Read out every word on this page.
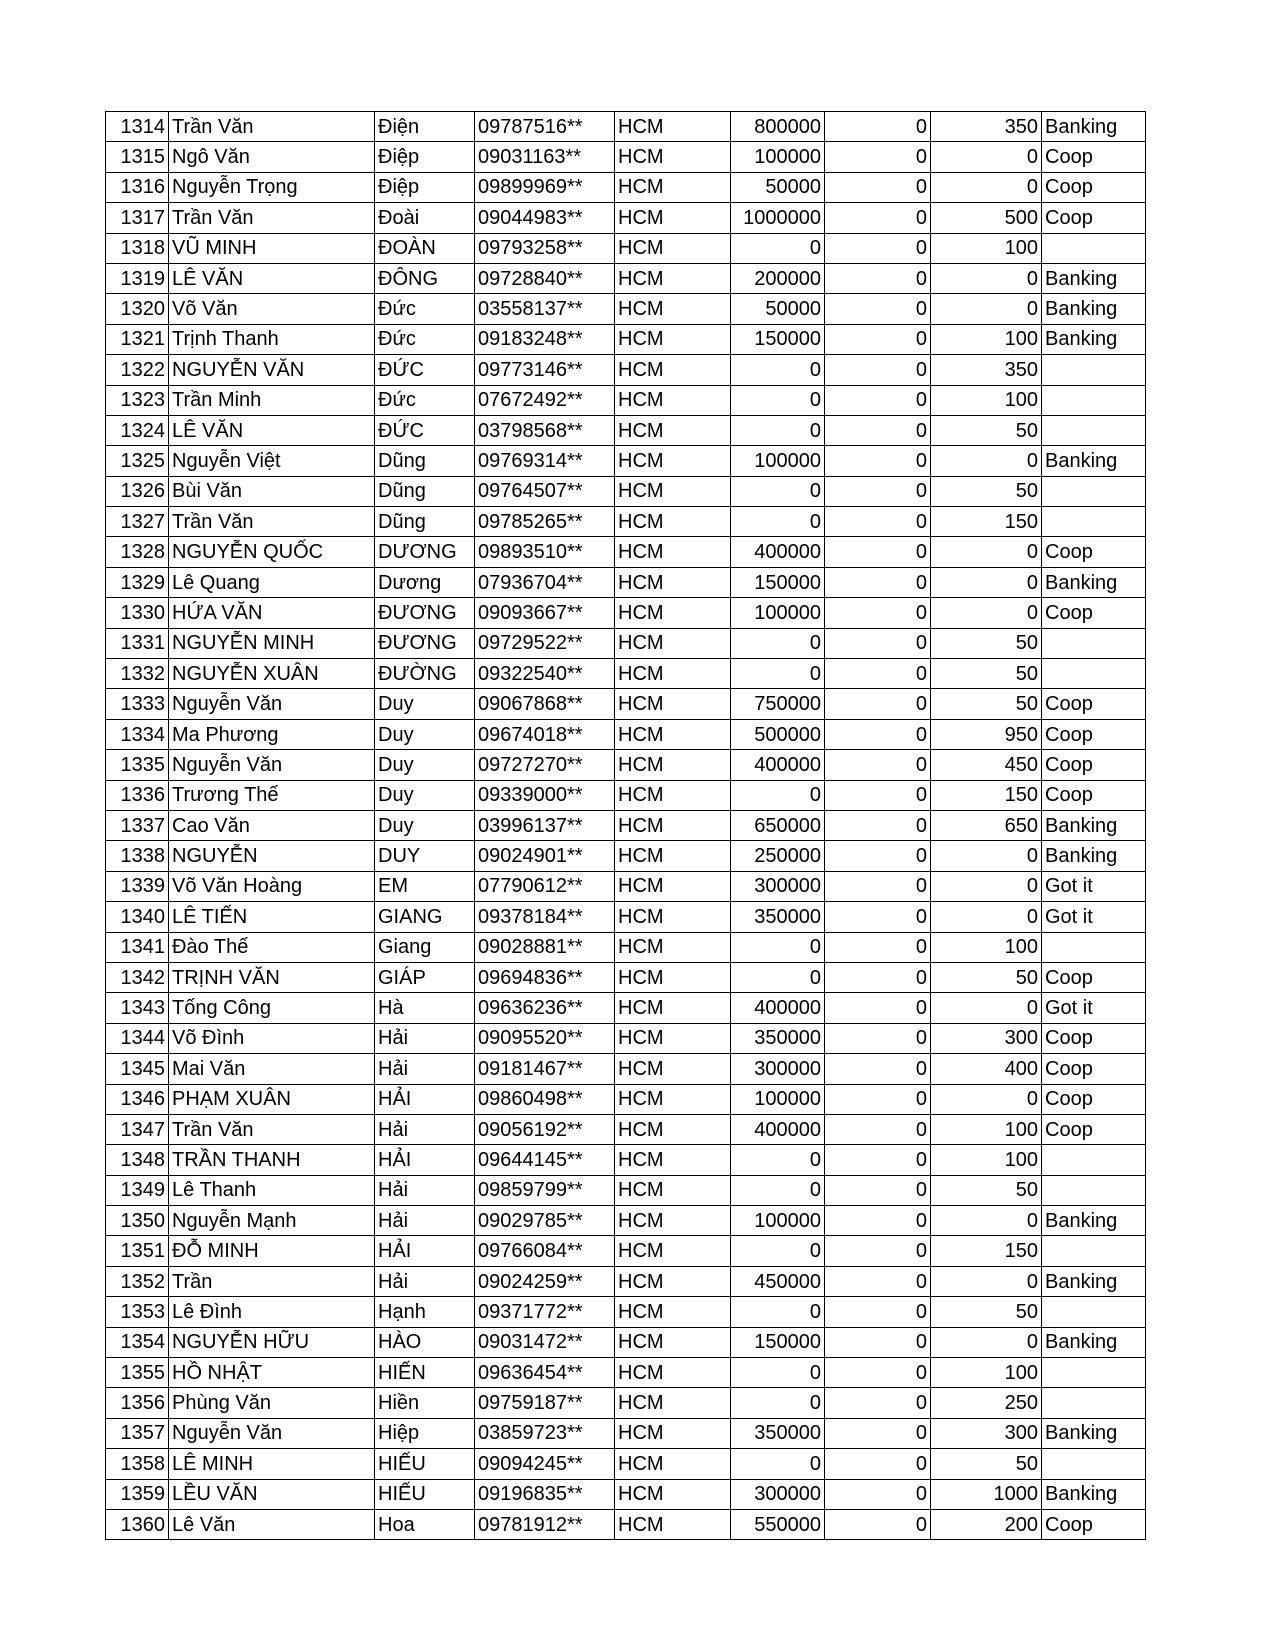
1314	Trần Văn	Điện	09787516**	HCM	800000	0	350	Banking
1315	Ngô Văn	Điệp	09031163**	HCM	100000	0	0	Coop
1316	Nguyễn Trọng	Điệp	09899969**	HCM	50000	0	0	Coop
1317	Trần Văn	Đoài	09044983**	HCM	1000000	0	500	Coop
1318	VŨ MINH	ĐOÀN	09793258**	HCM	0	0	100	
1319	LÊ VĂN	ĐÔNG	09728840**	HCM	200000	0	0	Banking
1320	Võ Văn	Đức	03558137**	HCM	50000	0	0	Banking
1321	Trịnh Thanh	Đức	09183248**	HCM	150000	0	100	Banking
1322	NGUYỄN VĂN	ĐỨC	09773146**	HCM	0	0	350	
1323	Trần Minh	Đức	07672492**	HCM	0	0	100	
1324	LÊ VĂN	ĐỨC	03798568**	HCM	0	0	50	
1325	Nguyễn Việt	Dũng	09769314**	HCM	100000	0	0	Banking
1326	Bùi Văn	Dũng	09764507**	HCM	0	0	50	
1327	Trần Văn	Dũng	09785265**	HCM	0	0	150	
1328	NGUYỄN QUỐC	DƯƠNG	09893510**	HCM	400000	0	0	Coop
1329	Lê Quang	Dương	07936704**	HCM	150000	0	0	Banking
1330	HỨA VĂN	ĐƯƠNG	09093667**	HCM	100000	0	0	Coop
1331	NGUYỄN MINH	ĐƯƠNG	09729522**	HCM	0	0	50	
1332	NGUYỄN XUÂN	ĐƯỜNG	09322540**	HCM	0	0	50	
1333	Nguyễn Văn	Duy	09067868**	HCM	750000	0	50	Coop
1334	Ma Phương	Duy	09674018**	HCM	500000	0	950	Coop
1335	Nguyễn Văn	Duy	09727270**	HCM	400000	0	450	Coop
1336	Trương Thế	Duy	09339000**	HCM	0	0	150	Coop
1337	Cao Văn	Duy	03996137**	HCM	650000	0	650	Banking
1338	NGUYỄN	DUY	09024901**	HCM	250000	0	0	Banking
1339	Võ Văn Hoàng	EM	07790612**	HCM	300000	0	0	Got it
1340	LÊ TIẾN	GIANG	09378184**	HCM	350000	0	0	Got it
1341	Đào Thế	Giang	09028881**	HCM	0	0	100	
1342	TRỊNH VĂN	GIÁP	09694836**	HCM	0	0	50	Coop
1343	Tống Công	Hà	09636236**	HCM	400000	0	0	Got it
1344	Võ Đình	Hải	09095520**	HCM	350000	0	300	Coop
1345	Mai Văn	Hải	09181467**	HCM	300000	0	400	Coop
1346	PHẠM XUÂN	HẢI	09860498**	HCM	100000	0	0	Coop
1347	Trần Văn	Hải	09056192**	HCM	400000	0	100	Coop
1348	TRẦN THANH	HẢI	09644145**	HCM	0	0	100	
1349	Lê Thanh	Hải	09859799**	HCM	0	0	50	
1350	Nguyễn Mạnh	Hải	09029785**	HCM	100000	0	0	Banking
1351	ĐỖ MINH	HẢI	09766084**	HCM	0	0	150	
1352	Trần	Hải	09024259**	HCM	450000	0	0	Banking
1353	Lê Đình	Hạnh	09371772**	HCM	0	0	50	
1354	NGUYỄN HỮU	HÀO	09031472**	HCM	150000	0	0	Banking
1355	HỒ NHẬT	HIẾN	09636454**	HCM	0	0	100	
1356	Phùng Văn	Hiền	09759187**	HCM	0	0	250	
1357	Nguyễn Văn	Hiệp	03859723**	HCM	350000	0	300	Banking
1358	LÊ MINH	HIẾU	09094245**	HCM	0	0	50	
1359	LỀU VĂN	HIẾU	09196835**	HCM	300000	0	1000	Banking
1360	Lê Văn	Hoa	09781912**	HCM	550000	0	200	Coop
